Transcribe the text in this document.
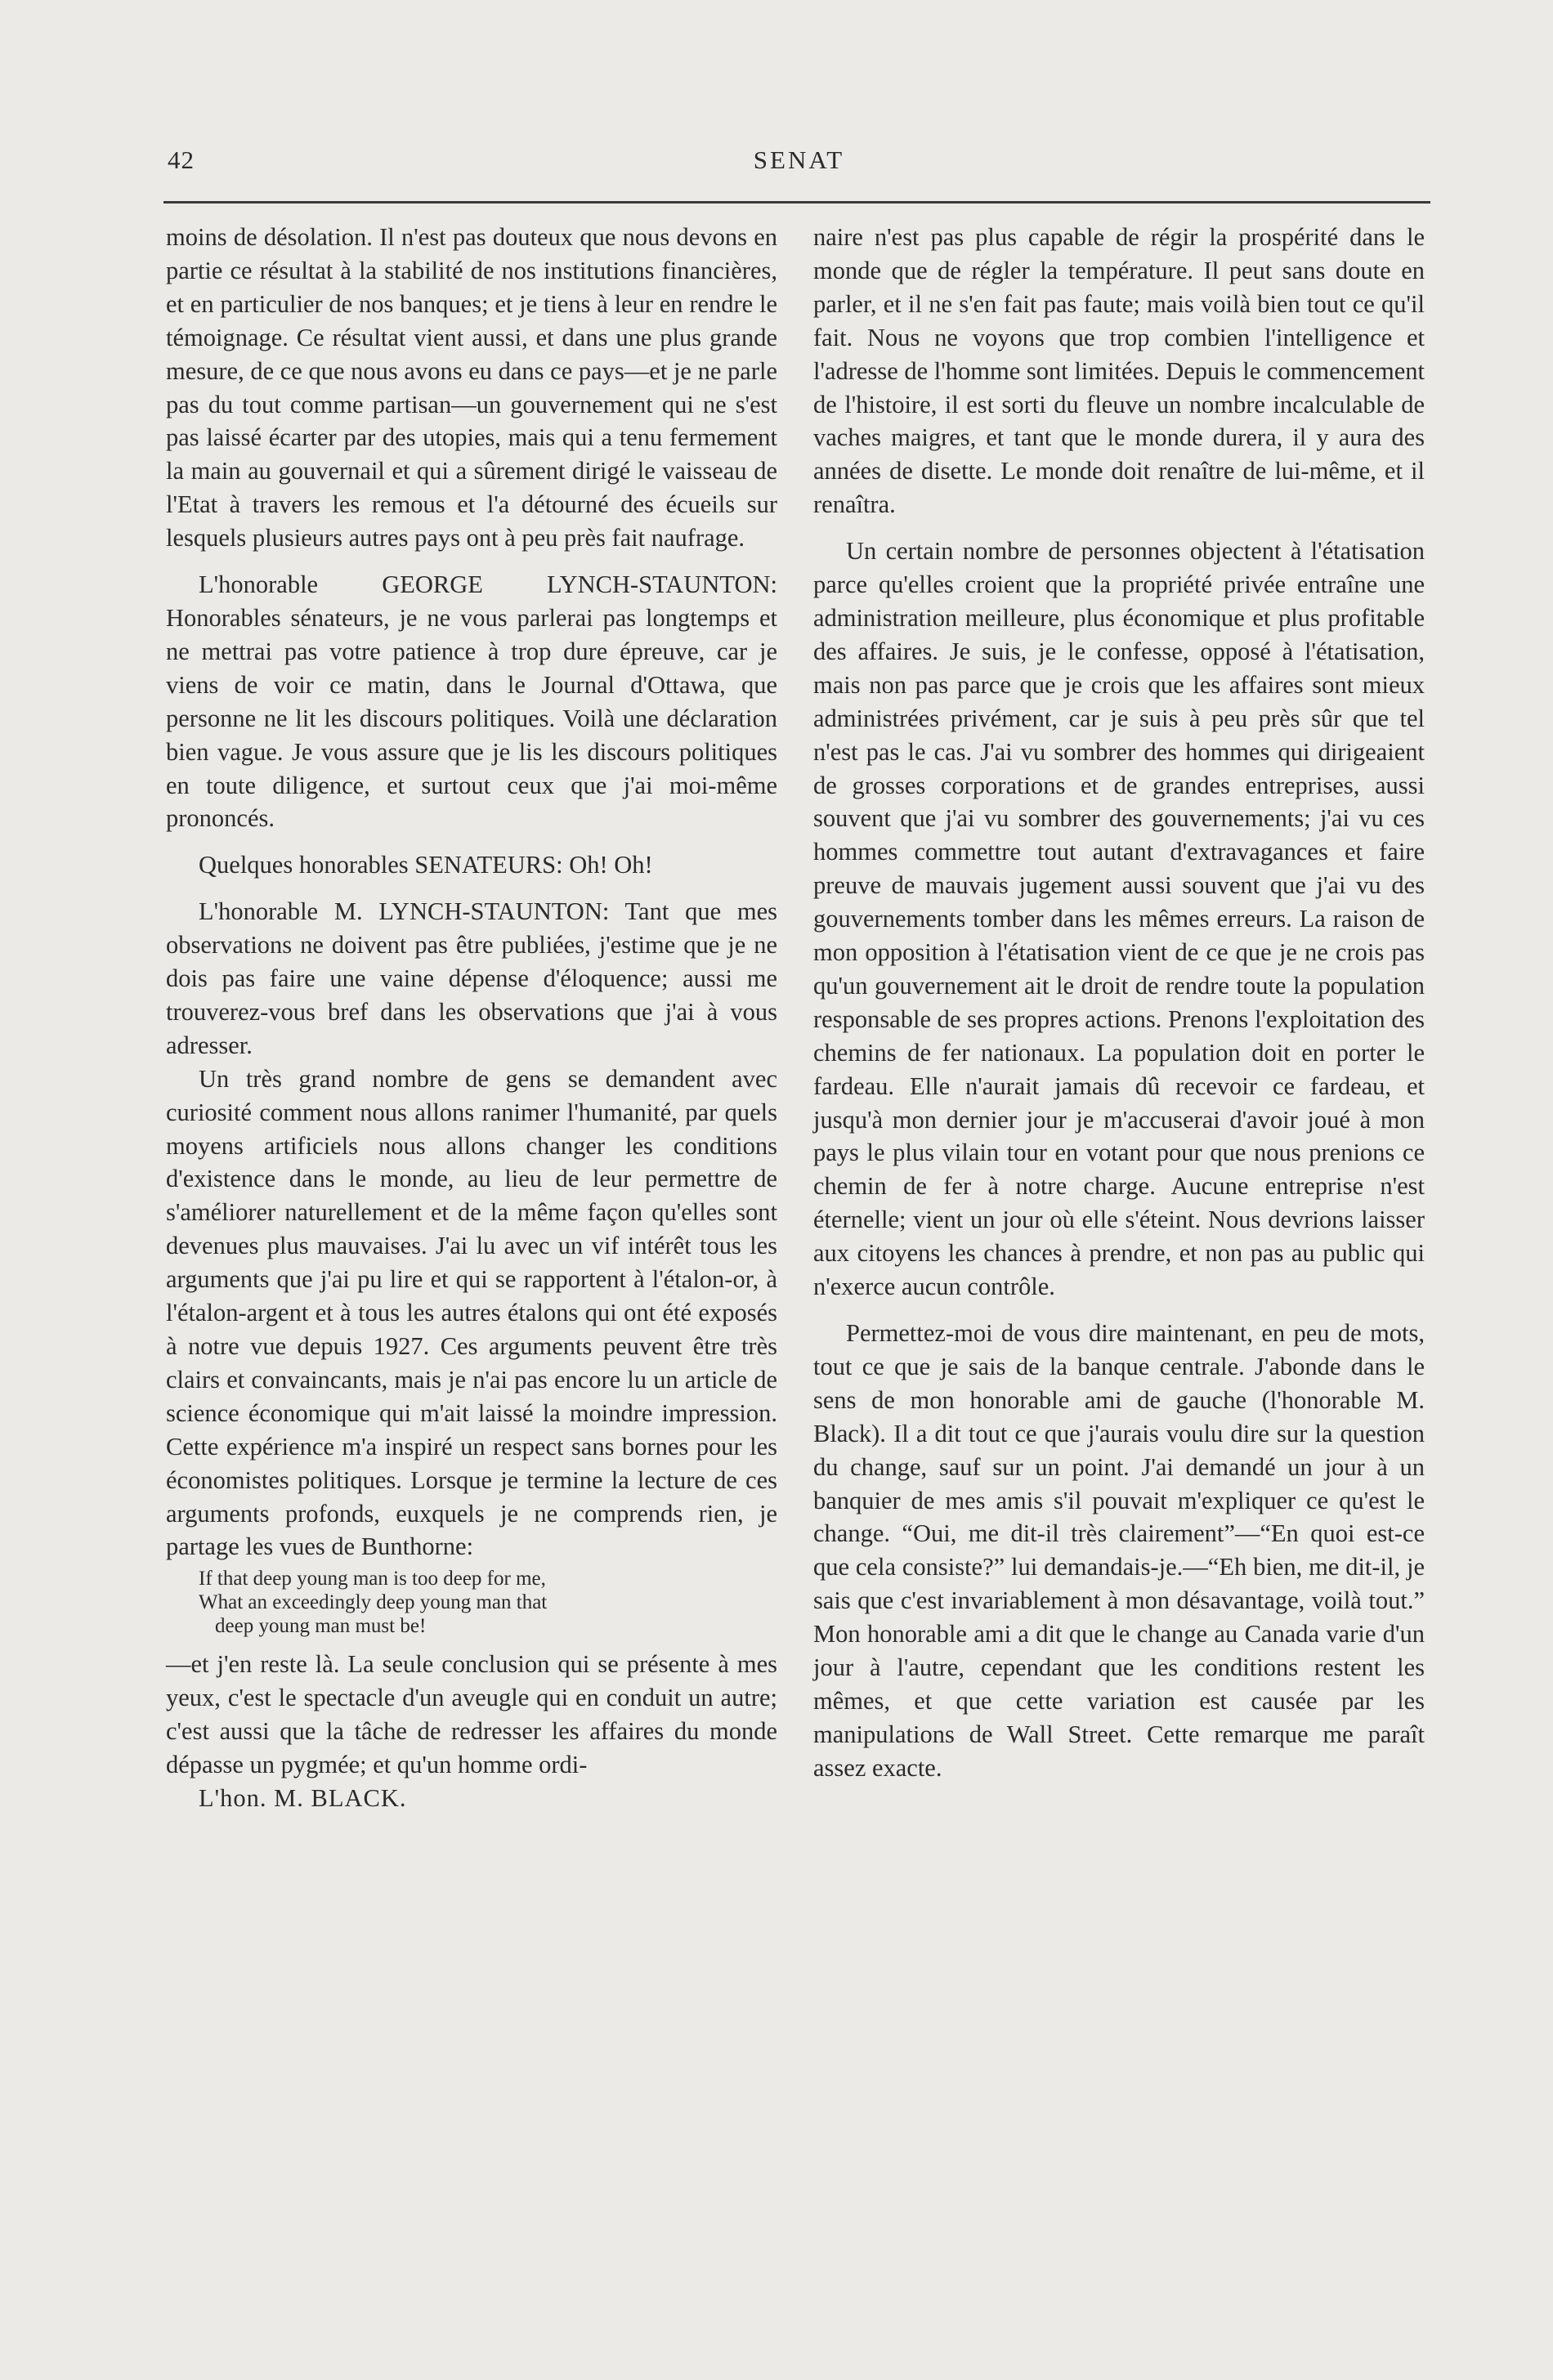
42	SENAT

moins de désolation. Il n'est pas douteux que nous devons en partie ce résultat à la stabilité de nos institutions financières, et en particulier de nos banques; et je tiens à leur en rendre le témoignage. Ce résultat vient aussi, et dans une plus grande mesure, de ce que nous avons eu dans ce pays—et je ne parle pas du tout comme partisan—un gouvernement qui ne s'est pas laissé écarter par des utopies, mais qui a tenu fermement la main au gouvernail et qui a sûrement dirigé le vaisseau de l'Etat à travers les remous et l'a détourné des écueils sur lesquels plusieurs autres pays ont à peu près fait naufrage.

L'honorable GEORGE LYNCH-STAUNTON: Honorables sénateurs, je ne vous parlerai pas longtemps et ne mettrai pas votre patience à trop dure épreuve, car je viens de voir ce matin, dans le Journal d'Ottawa, que personne ne lit les discours politiques. Voilà une déclaration bien vague. Je vous assure que je lis les discours politiques en toute diligence, et surtout ceux que j'ai moi-même prononcés.

Quelques honorables SENATEURS: Oh! Oh!

L'honorable M. LYNCH-STAUNTON: Tant que mes observations ne doivent pas être publiées, j'estime que je ne dois pas faire une vaine dépense d'éloquence; aussi me trouverez-vous bref dans les observations que j'ai à vous adresser.

Un très grand nombre de gens se demandent avec curiosité comment nous allons ranimer l'humanité, par quels moyens artificiels nous allons changer les conditions d'existence dans le monde, au lieu de leur permettre de s'améliorer naturellement et de la même façon qu'elles sont devenues plus mauvaises. J'ai lu avec un vif intérêt tous les arguments que j'ai pu lire et qui se rapportent à l'étalon-or, à l'étalon-argent et à tous les autres étalons qui ont été exposés à notre vue depuis 1927. Ces arguments peuvent être très clairs et convaincants, mais je n'ai pas encore lu un article de science économique qui m'ait laissé la moindre impression. Cette expérience m'a inspiré un respect sans bornes pour les économistes politiques. Lorsque je termine la lecture de ces arguments profonds, euxquels je ne comprends rien, je partage les vues de Bunthorne:

If that deep young man is too deep for me,
What an exceedingly deep young man that
deep young man must be!

—et j'en reste là. La seule conclusion qui se présente à mes yeux, c'est le spectacle d'un aveugle qui en conduit un autre; c'est aussi que la tâche de redresser les affaires du monde dépasse un pygmée; et qu'un homme ordi-

L'hon. M. BLACK.

naire n'est pas plus capable de régir la prospérité dans le monde que de régler la température. Il peut sans doute en parler, et il ne s'en fait pas faute; mais voilà bien tout ce qu'il fait. Nous ne voyons que trop combien l'intelligence et l'adresse de l'homme sont limitées. Depuis le commencement de l'histoire, il est sorti du fleuve un nombre incalculable de vaches maigres, et tant que le monde durera, il y aura des années de disette. Le monde doit renaître de lui-même, et il renaîtra.

Un certain nombre de personnes objectent à l'étatisation parce qu'elles croient que la propriété privée entraîne une administration meilleure, plus économique et plus profitable des affaires. Je suis, je le confesse, opposé à l'étatisation, mais non pas parce que je crois que les affaires sont mieux administrées privément, car je suis à peu près sûr que tel n'est pas le cas. J'ai vu sombrer des hommes qui dirigeaient de grosses corporations et de grandes entreprises, aussi souvent que j'ai vu sombrer des gouvernements; j'ai vu ces hommes commettre tout autant d'extravagances et faire preuve de mauvais jugement aussi souvent que j'ai vu des gouvernements tomber dans les mêmes erreurs. La raison de mon opposition à l'étatisation vient de ce que je ne crois pas qu'un gouvernement ait le droit de rendre toute la population responsable de ses propres actions. Prenons l'exploitation des chemins de fer nationaux. La population doit en porter le fardeau. Elle n'aurait jamais dû recevoir ce fardeau, et jusqu'à mon dernier jour je m'accuserai d'avoir joué à mon pays le plus vilain tour en votant pour que nous prenions ce chemin de fer à notre charge. Aucune entreprise n'est éternelle; vient un jour où elle s'éteint. Nous devrions laisser aux citoyens les chances à prendre, et non pas au public qui n'exerce aucun contrôle.

Permettez-moi de vous dire maintenant, en peu de mots, tout ce que je sais de la banque centrale. J'abonde dans le sens de mon honorable ami de gauche (l'honorable M. Black). Il a dit tout ce que j'aurais voulu dire sur la question du change, sauf sur un point. J'ai demandé un jour à un banquier de mes amis s'il pouvait m'expliquer ce qu'est le change. “Oui, me dit-il très clairement”—“En quoi est-ce que cela consiste?” lui demandais-je.—“Eh bien, me dit-il, je sais que c'est invariablement à mon désavantage, voilà tout.” Mon honorable ami a dit que le change au Canada varie d'un jour à l'autre, cependant que les conditions restent les mêmes, et que cette variation est causée par les manipulations de Wall Street. Cette remarque me paraît assez exacte.
